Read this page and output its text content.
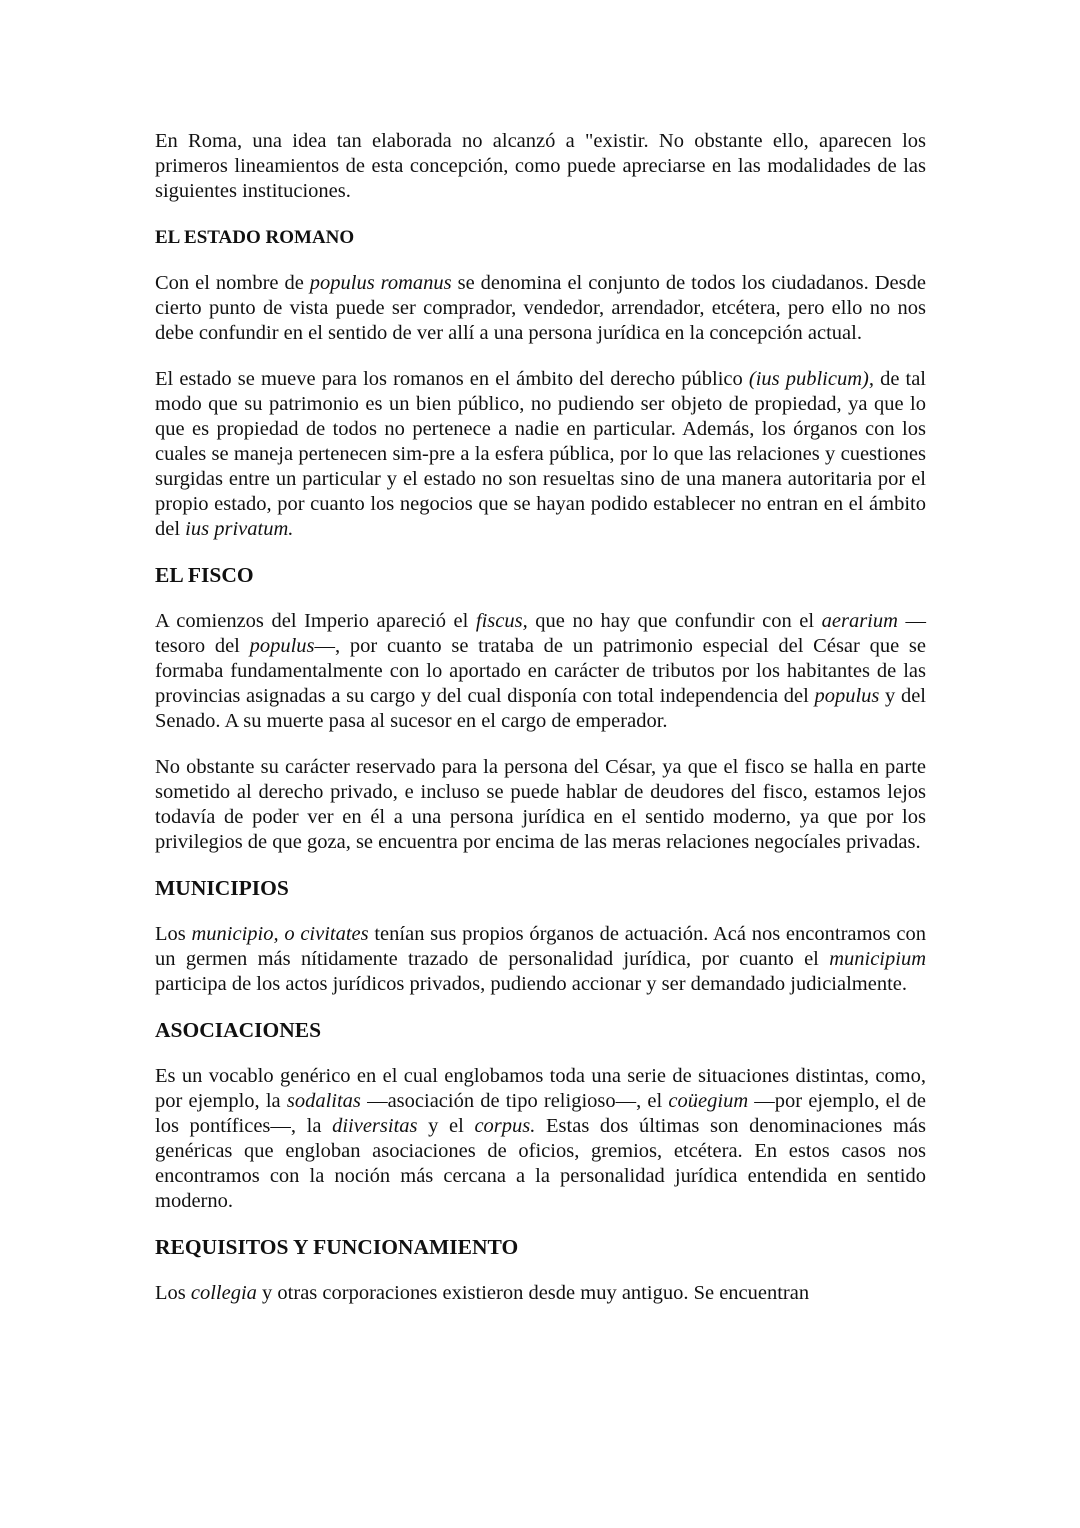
En Roma, una idea tan elaborada no alcanzó a "existir. No obstante ello, aparecen los primeros lineamientos de esta concepción, como puede apreciarse en las modalidades de las siguientes instituciones.

EL ESTADO ROMANO

Con el nombre de populus romanus se denomina el conjunto de todos los ciudadanos. Desde cierto punto de vista puede ser comprador, vendedor, arrendador, etcétera, pero ello no nos debe confundir en el sentido de ver allí a una persona jurídica en la concepción actual.

El estado se mueve para los romanos en el ámbito del derecho público (ius publicum), de tal modo que su patrimonio es un bien público, no pudiendo ser objeto de propiedad, ya que lo que es propiedad de todos no pertenece a nadie en particular. Además, los órganos con los cuales se maneja pertenecen sim-pre a la esfera pública, por lo que las relaciones y cuestiones surgidas entre un particular y el estado no son resueltas sino de una manera autoritaria por el propio estado, por cuanto los negocios que se hayan podido establecer no entran en el ámbito del ius privatum.

EL FISCO

A comienzos del Imperio apareció el fiscus, que no hay que confundir con el aerarium —tesoro del populus—, por cuanto se trataba de un patrimonio especial del César que se formaba fundamentalmente con lo aportado en carácter de tributos por los habitantes de las provincias asignadas a su cargo y del cual disponía con total independencia del populus y del Senado. A su muerte pasa al sucesor en el cargo de emperador.

No obstante su carácter reservado para la persona del César, ya que el fisco se halla en parte sometido al derecho privado, e incluso se puede hablar de deudores del fisco, estamos lejos todavía de poder ver en él a una persona jurídica en el sentido moderno, ya que por los privilegios de que goza, se encuentra por encima de las meras relaciones negocíales privadas.

MUNICIPIOS

Los municipio, o civitates tenían sus propios órganos de actuación. Acá nos encontramos con un germen más nítidamente trazado de personalidad jurídica, por cuanto el municipium participa de los actos jurídicos privados, pudiendo accionar y ser demandado judicialmente.

ASOCIACIONES

Es un vocablo genérico en el cual englobamos toda una serie de situaciones distintas, como, por ejemplo, la sodalitas —asociación de tipo religioso—, el coüegium —por ejemplo, el de los pontífices—, la diiversitas y el corpus. Estas dos últimas son denominaciones más genéricas que engloban asociaciones de oficios, gremios, etcétera. En estos casos nos encontramos con la noción más cercana a la personalidad jurídica entendida en sentido moderno.

REQUISITOS Y FUNCIONAMIENTO

Los collegia y otras corporaciones existieron desde muy antiguo. Se encuentran
